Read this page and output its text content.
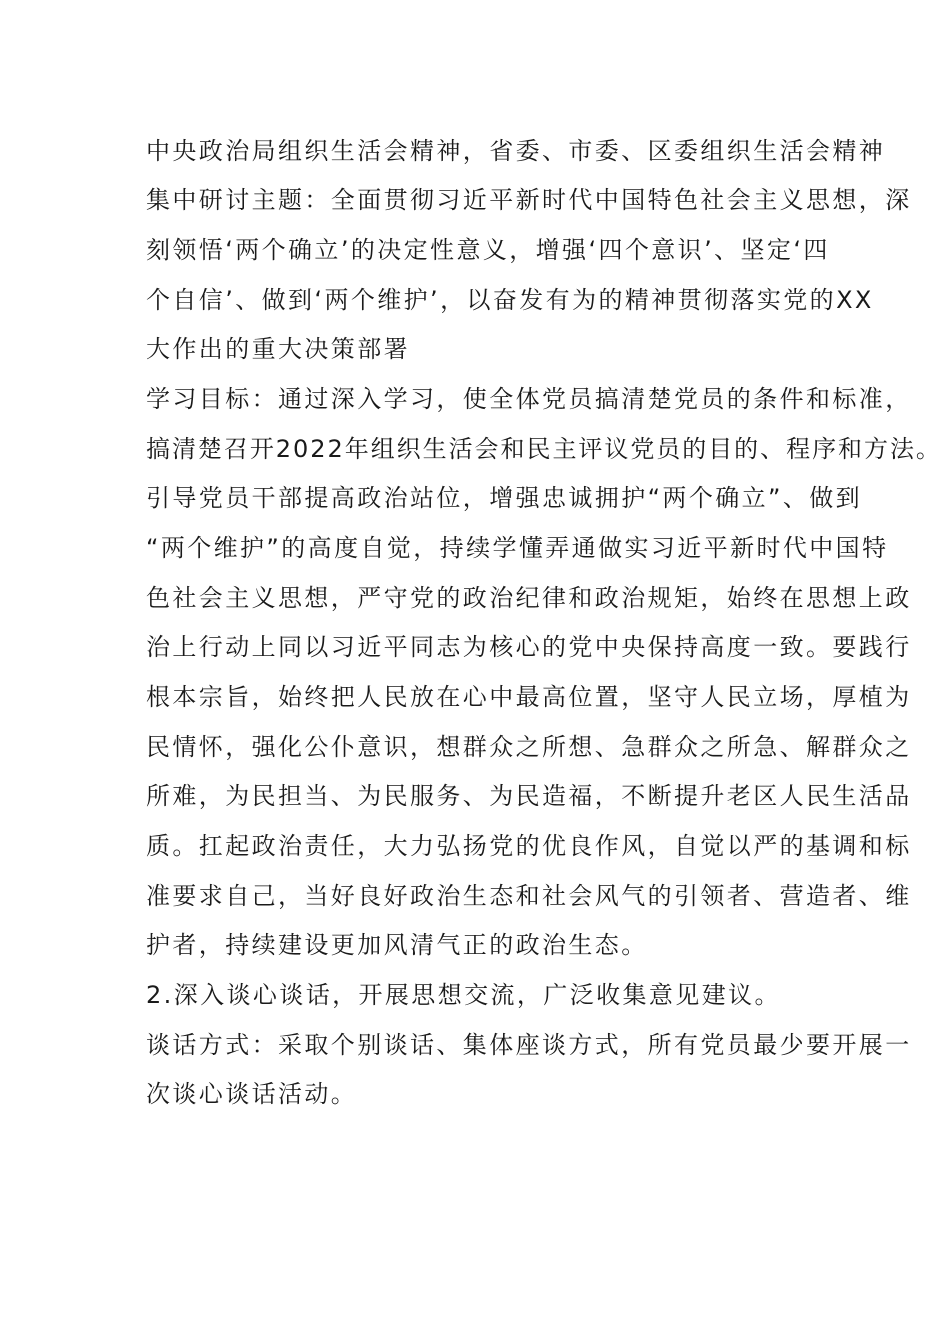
中央政治局组织生活会精神，省委、市委、区委组织生活会精神
集中研讨主题：全面贯彻习近平新时代中国特色社会主义思想，深
刻领悟‘两个确立’的决定性意义，增强‘四个意识’、坚定‘四
个自信’、做到‘两个维护’，以奋发有为的精神贯彻落实党的XX
大作出的重大决策部署
学习目标：通过深入学习，使全体党员搞清楚党员的条件和标准，
搞清楚召开2022年组织生活会和民主评议党员的目的、程序和方法。
引导党员干部提高政治站位，增强忠诚拥护“两个确立”、做到
“两个维护”的高度自觉，持续学懂弄通做实习近平新时代中国特
色社会主义思想，严守党的政治纪律和政治规矩，始终在思想上政
治上行动上同以习近平同志为核心的党中央保持高度一致。要践行
根本宗旨，始终把人民放在心中最高位置，坚守人民立场，厚植为
民情怀，强化公仆意识，想群众之所想、急群众之所急、解群众之
所难，为民担当、为民服务、为民造福，不断提升老区人民生活品
质。扛起政治责任，大力弘扬党的优良作风，自觉以严的基调和标
准要求自己，当好良好政治生态和社会风气的引领者、营造者、维
护者，持续建设更加风清气正的政治生态。
2.深入谈心谈话，开展思想交流，广泛收集意见建议。
谈话方式：采取个别谈话、集体座谈方式，所有党员最少要开展一
次谈心谈话活动。
